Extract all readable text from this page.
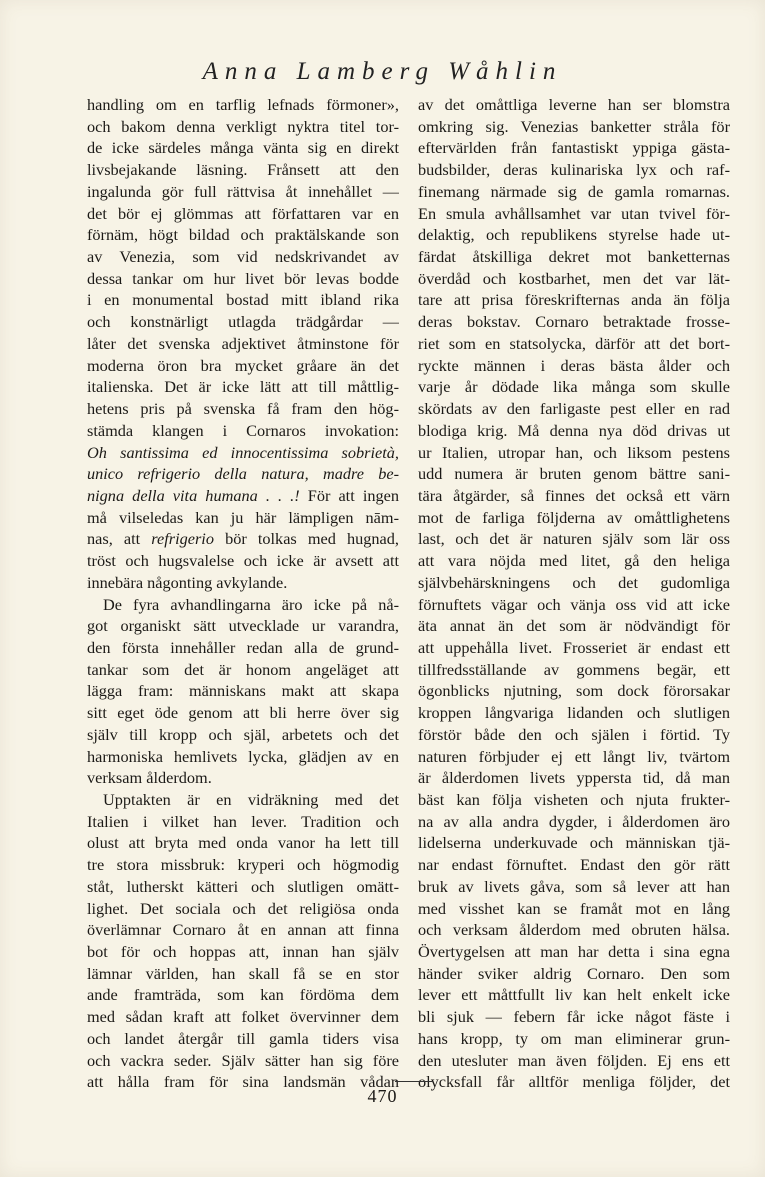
Anna Lamberg Wåhlin
handling om en tarflig lefnads förmoner»,
och bakom denna verkligt nyktra titel tor-
de icke särdeles många vänta sig en direkt
livsbejakande läsning. Frånsett att den
ingalunda gör full rättvisa åt innehållet —
det bör ej glömmas att författaren var en
förnäm, högt bildad och praktälskande son
av Venezia, som vid nedskrivandet av
dessa tankar om hur livet bör levas bodde
i en monumental bostad mitt ibland rika
och konstnärligt utlagda trädgårdar —
låter det svenska adjektivet åtminstone för
moderna öron bra mycket gråare än det
italienska. Det är icke lätt att till måttlig-
hetens pris på svenska få fram den hög-
stämda klangen i Cornaros invokation:
Oh santissima ed innocentissima sobrietà,
unico refrigerio della natura, madre be-
nigna della vita humana . . .! För att ingen
må vilseledas kan ju här lämpligen nām-
nas, att refrigerio bör tolkas med hugnad,
tröst och hugsvalelse och icke är avsett att
innebära någonting avkylande.
De fyra avhandlingarna äro icke på nå-
got organiskt sätt utvecklade ur varandra,
den första innehåller redan alla de grund-
tankar som det är honom angeläget att
lägga fram: människans makt att skapa
sitt eget öde genom att bli herre över sig
själv till kropp och själ, arbetets och det
harmoniska hemlivets lycka, glädjen av en
verksam ålderdom.
Upptakten är en vidräkning med det
Italien i vilket han lever. Tradition och
olust att bryta med onda vanor ha lett till
tre stora missbruk: kryperi och högmodig
ståt, lutherskt kätteri och slutligen omätt-
lighet. Det sociala och det religiösa onda
överlämnar Cornaro åt en annan att finna
bot för och hoppas att, innan han själv
lämnar världen, han skall få se en stor
ande framträda, som kan fördöma dem
med sådan kraft att folket övervinner dem
och landet återgår till gamla tiders visa
och vackra seder. Själv sätter han sig före
att hålla fram för sina landsmän vådan
av det omåttliga leverne han ser blomstra
omkring sig. Venezias banketter stråla för
eftervärlden från fantastiskt yppiga gästa-
budsbilder, deras kulinariska lyx och raf-
finemang närmade sig de gamla romarnas.
En smula avhållsamhet var utan tvivel för-
delaktig, och republikens styrelse hade ut-
färdat åtskilliga dekret mot banketternas
överdåd och kostbarhet, men det var lät-
tare att prisa föreskrifternas anda än följa
deras bokstav. Cornaro betraktade frosse-
riet som en statsolycka, därför att det bort-
ryckte männen i deras bästa ålder och
varje år dödade lika många som skulle
skördats av den farligaste pest eller en rad
blodiga krig. Må denna nya död drivas ut
ur Italien, utropar han, och liksom pestens
udd numera är bruten genom bättre sani-
tära åtgärder, så finnes det också ett värn
mot de farliga följderna av omåttlighetens
last, och det är naturen själv som lär oss
att vara nöjda med litet, gå den heliga
självbehärskningens och det gudomliga
förnuftets vägar och vänja oss vid att icke
äta annat än det som är nödvändigt för
att uppehålla livet. Frosseriet är endast ett
tillfredsställande av gommens begär, ett
ögonblicks njutning, som dock förorsakar
kroppen långvariga lidanden och slutligen
förstör både den och själen i förtid. Ty
naturen förbjuder ej ett långt liv, tvärtom
är ålderdomen livets yppersta tid, då man
bäst kan följa visheten och njuta frukter-
na av alla andra dygder, i ålderdomen äro
lidelserna underkuvade och människan tjä-
nar endast förnuftet. Endast den gör rätt
bruk av livets gåva, som så lever att han
med visshet kan se framåt mot en lång
och verksam ålderdom med obruten hälsa.
Övertygelsen att man har detta i sina egna
händer sviker aldrig Cornaro. Den som
lever ett måttfullt liv kan helt enkelt icke
bli sjuk — febern får icke något fäste i
hans kropp, ty om man eliminerar grun-
den utesluter man även följden. Ej ens ett
olycksfall får alltför menliga följder, det
470
